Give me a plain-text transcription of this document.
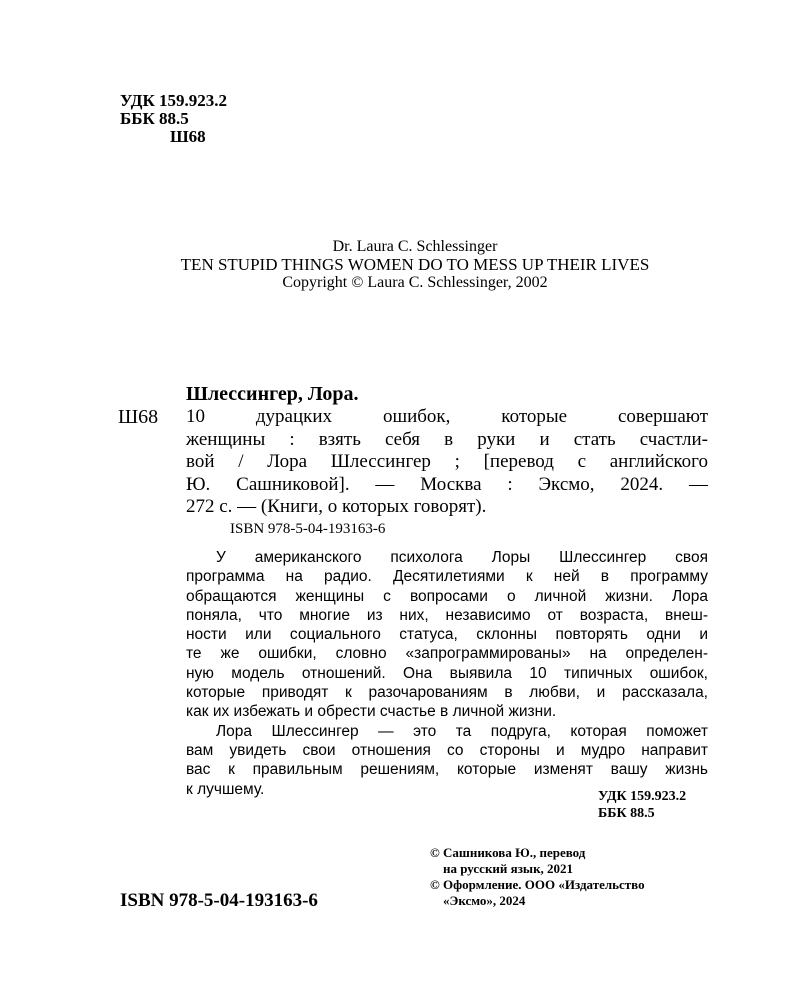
УДК 159.923.2
ББК 88.5
Ш68
Dr. Laura C. Schlessinger
TEN STUPID THINGS WOMEN DO TO MESS UP THEIR LIVES
Copyright © Laura C. Schlessinger, 2002
Ш68
Шлессингер, Лора.
10 дурацких ошибок, которые совершают
женщины : взять себя в руки и стать счастли-
вой / Лора Шлессингер ; [перевод с английского
Ю. Сашниковой]. — Москва : Эксмо, 2024. —
272 с. — (Книги, о которых говорят).
ISBN 978-5-04-193163-6
У американского психолога Лоры Шлессингер своя
программа на радио. Десятилетиями к ней в программу
обращаются женщины с вопросами о личной жизни. Лора
поняла, что многие из них, независимо от возраста, внеш-
ности или социального статуса, склонны повторять одни и
те же ошибки, словно «запрограммированы» на определен-
ную модель отношений. Она выявила 10 типичных ошибок,
которые приводят к разочарованиям в любви, и рассказала,
как их избежать и обрести счастье в личной жизни.
Лора Шлессингер — это та подруга, которая поможет
вам увидеть свои отношения со стороны и мудро направит
вас к правильным решениям, которые изменят вашу жизнь
к лучшему.	УДК 159.923.2
ББК 88.5
© Сашникова Ю., перевод
на русский язык, 2021
© Оформление. ООО «Издательство
«Эксмо», 2024
ISBN 978-5-04-193163-6
